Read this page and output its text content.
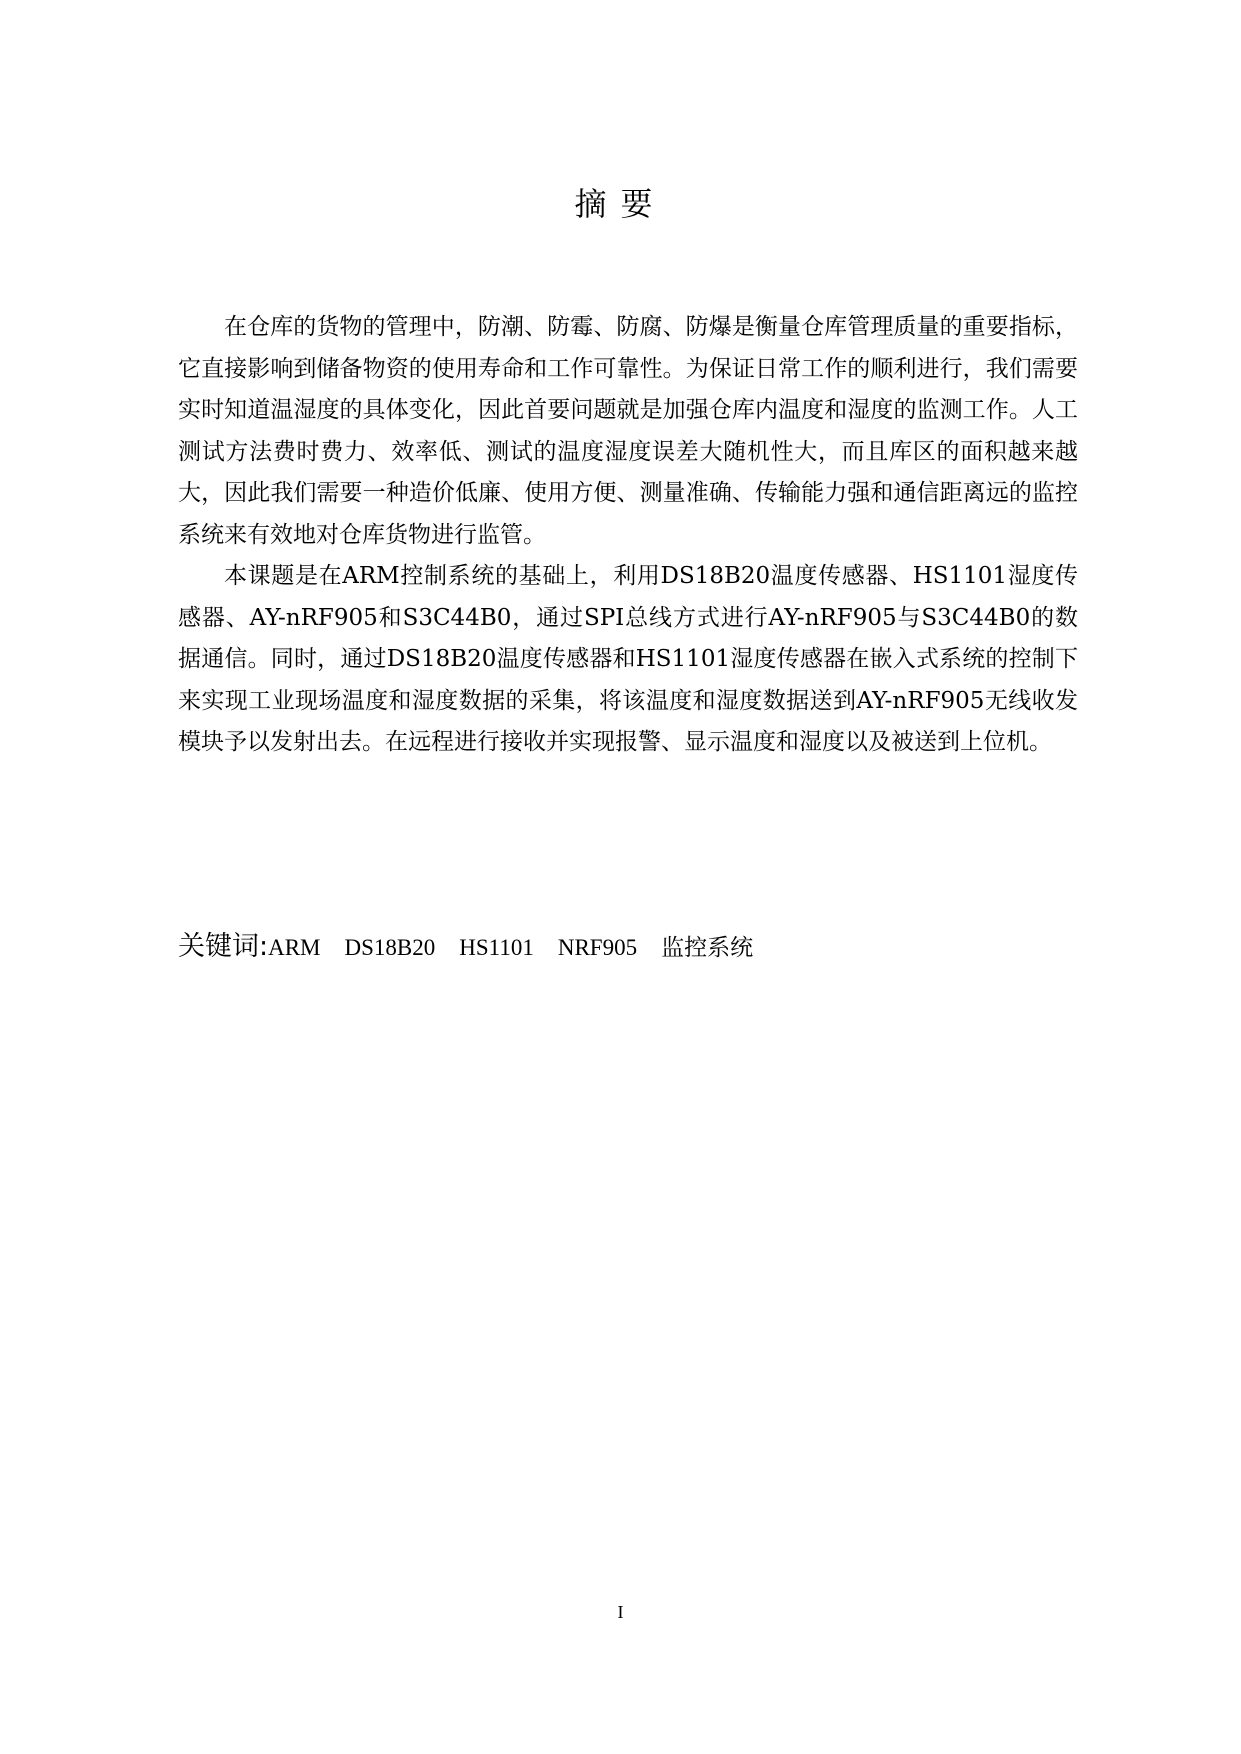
摘要

在仓库的货物的管理中，防潮、防霉、防腐、防爆是衡量仓库管理质量的重要指标，它直接影响到储备物资的使用寿命和工作可靠性。为保证日常工作的顺利进行，我们需要实时知道温湿度的具体变化，因此首要问题就是加强仓库内温度和湿度的监测工作。人工测试方法费时费力、效率低、测试的温度湿度误差大随机性大，而且库区的面积越来越大，因此我们需要一种造价低廉、使用方便、测量准确、传输能力强和通信距离远的监控系统来有效地对仓库货物进行监管。

本课题是在ARM控制系统的基础上，利用DS18B20温度传感器、HS1101湿度传感器、AY-nRF905和S3C44B0，通过SPI总线方式进行AY-nRF905与S3C44B0的数据通信。同时，通过DS18B20温度传感器和HS1101湿度传感器在嵌入式系统的控制下来实现工业现场温度和湿度数据的采集，将该温度和湿度数据送到AY-nRF905无线收发模块予以发射出去。在远程进行接收并实现报警、显示温度和湿度以及被送到上位机。

关键词:ARM DS18B20 HS1101 NRF905 监控系统
I
